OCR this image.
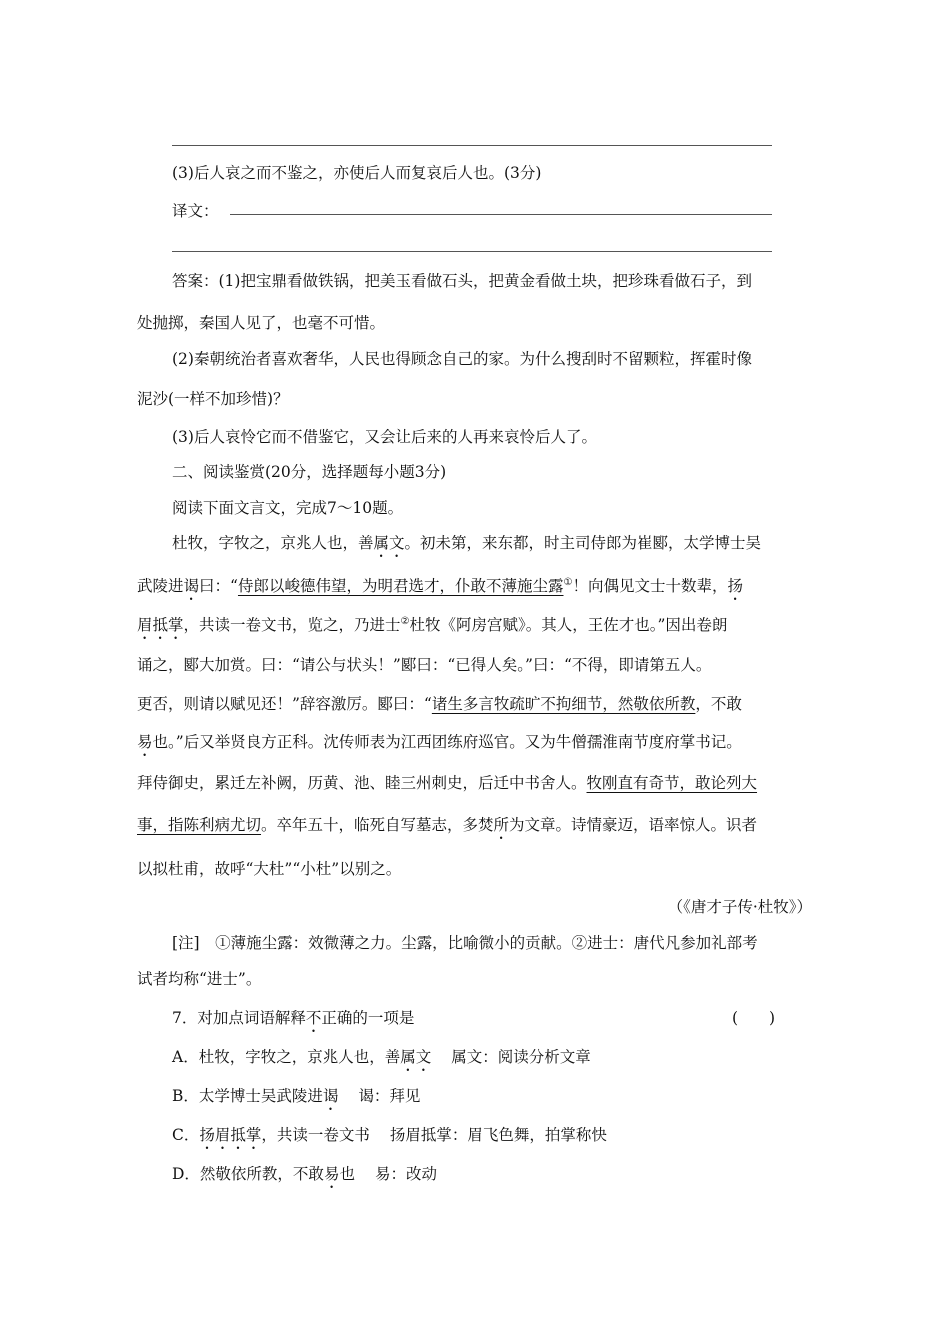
(3)后人哀之而不鉴之，亦使后人而复哀后人也。(3分)
译文：
答案：(1)把宝鼎看做铁锅，把美玉看做石头，把黄金看做土块，把珍珠看做石子，到
处抛掷，秦国人见了，也毫不可惜。
(2)秦朝统治者喜欢奢华，人民也得顾念自己的家。为什么搜刮时不留颗粒，挥霍时像
泥沙(一样不加珍惜)？
(3)后人哀怜它而不借鉴它，又会让后来的人再来哀怜后人了。
二、阅读鉴赏(20分，选择题每小题3分)
阅读下面文言文，完成7～10题。
杜牧，字牧之，京兆人也，善属文。初未第，来东都，时主司侍郎为崔郾，太学博士吴
武陵进谒曰：“侍郎以峻德伟望，为明君选才，仆敢不薄施尘露①！向偶见文士十数辈，扬
眉抵掌，共读一卷文书，览之，乃进士②杜牧《阿房宫赋》。其人，王佐才也。”因出卷朗
诵之，郾大加赏。曰：“请公与状头！”郾曰：“已得人矣。”曰：“不得，即请第五人。
更否，则请以赋见还！”辞容激厉。郾曰：“诸生多言牧疏旷不拘细节，然敬依所教，不敢
易也。”后又举贤良方正科。沈传师表为江西团练府巡官。又为牛僧孺淮南节度府掌书记。
拜侍御史，累迁左补阙，历黄、池、睦三州刺史，后迁中书舍人。牧刚直有奇节，敢论列大
事，指陈利病尤切。卒年五十，临死自写墓志，多焚所为文章。诗情豪迈，语率惊人。识者
以拟杜甫，故呼“大杜”“小杜”以别之。
（《唐才子传·杜牧》）
[注]　①薄施尘露：效微薄之力。尘露，比喻微小的贡献。②进士：唐代凡参加礼部考
试者均称“进士”。
7．对加点词语解释不正确的一项是	(　　)
A．杜牧，字牧之，京兆人也，善属文 属文：阅读分析文章
B．太学博士吴武陵进谒 谒：拜见
C．扬眉抵掌，共读一卷文书 扬眉抵掌：眉飞色舞，拍掌称快
D．然敬依所教，不敢易也 易：改动
